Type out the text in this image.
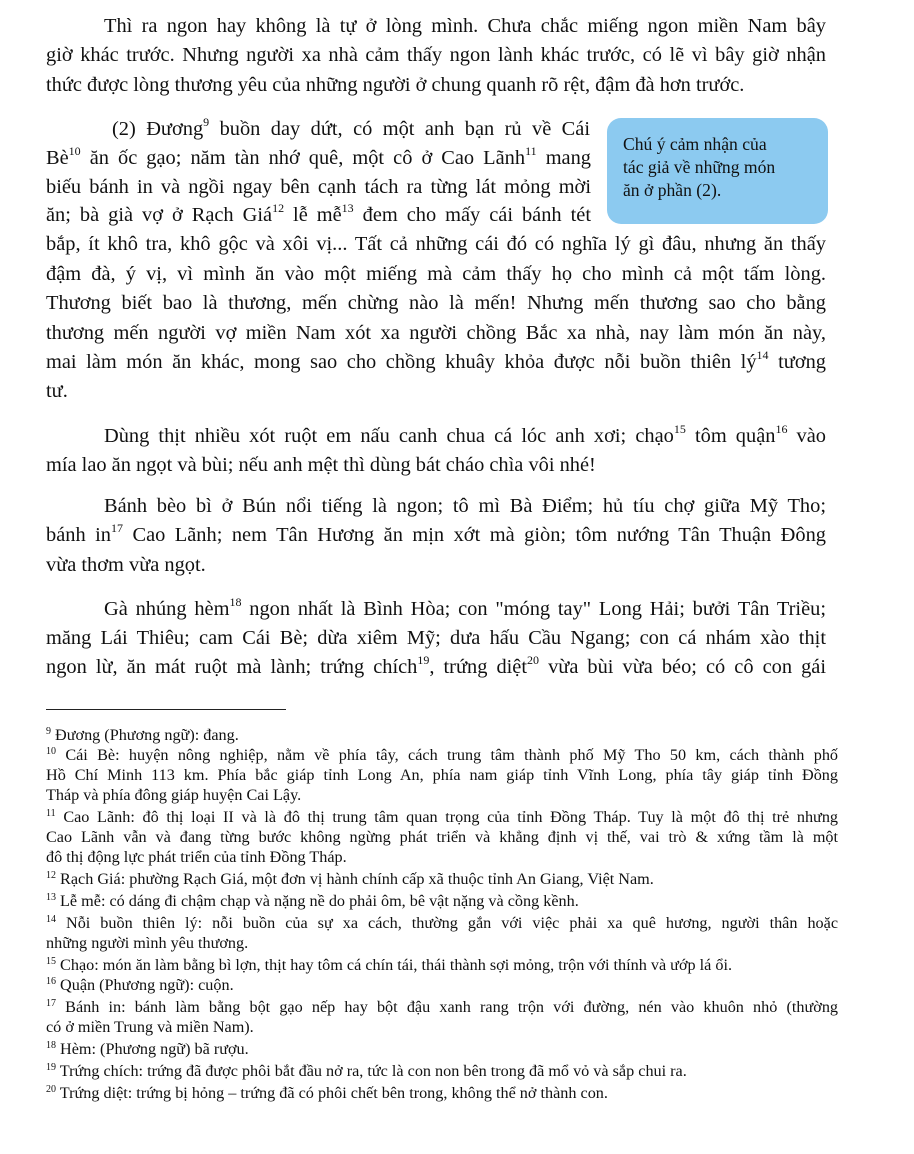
Thì ra ngon hay không là tự ở lòng mình. Chưa chắc miếng ngon miền Nam bây
giờ khác trước. Nhưng người xa nhà cảm thấy ngon lành khác trước, có lẽ vì bây giờ nhận
thức được lòng thương yêu của những người ở chung quanh rõ rệt, đậm đà hơn trước.
(2) Đương$^9$ buồn day dứt, có một anh bạn rủ về Cái
$Bè^{10}$ ăn ốc gạo; năm tàn nhớ quê, một cô ở Cao Lãnh$^{11}$ mang
biếu bánh in và ngồi ngay bên cạnh tách ra từng lát mỏng mời
ăn; bà già vợ ở Rạch Giá$^{12}$ lễ mễ$^{13}$ đem cho mấy cái bánh tét
bắp, ít khô tra, khô gộc và xôi vị... Tất cả những cái đó có nghĩa lý gì đâu, nhưng ăn thấy
đậm đà, ý vị, vì mình ăn vào một miếng mà cảm thấy họ cho mình cả một tấm lòng.
Thương biết bao là thương, mến chừng nào là mến! Nhưng mến thương sao cho bằng
thương mến người vợ miền Nam xót xa người chồng Bắc xa nhà, nay làm món ăn này,
mai làm món ăn khác, mong sao cho chồng khuây khỏa được nỗi buồn thiên $lý^{14}$ tương
tư.
Chú ý cảm nhận của
tác giả về những món
ăn ở phần (2).
Dùng thịt nhiều xót ruột em nấu canh chua cá lóc anh xơi; chạo$^{15}$ tôm quận$^{16}$ vào
mía lao ăn ngọt và bùi; nếu anh mệt thì dùng bát cháo chìa vôi nhé!
Bánh bèo bì ở Bún nổi tiếng là ngon; tô mì Bà Điểm; hủ tíu chợ giữa Mỹ Tho;
bánh $in^{17}$ Cao Lãnh; nem Tân Hương ăn mịn xớt mà giòn; tôm nướng Tân Thuận Đông
vừa thơm vừa ngọt.
Gà nhúng hèm$^{18}$ ngon nhất là Bình Hòa; con "móng tay" Long Hải; bưởi Tân Triều;
măng Lái Thiêu; cam Cái Bè; dừa xiêm Mỹ; dưa hấu Cầu Ngang; con cá nhám xào thịt
ngon lừ, ăn mát ruột mà lành; trứng chích$^{19}$, trứng diệt$^{20}$ vừa bùi vừa béo; có cô con gái
$^9$ Đương (Phương ngữ): đang.
$^{10}$ Cái Bè: huyện nông nghiệp, nằm về phía tây, cách trung tâm thành phố Mỹ Tho 50 km, cách thành phố
Hồ Chí Minh 113 km. Phía bắc giáp tỉnh Long An, phía nam giáp tỉnh Vĩnh Long, phía tây giáp tỉnh Đồng
Tháp và phía đông giáp huyện Cai Lậy.
$^{11}$ Cao Lãnh: đô thị loại II và là đô thị trung tâm quan trọng của tỉnh Đồng Tháp. Tuy là một đô thị trẻ nhưng
Cao Lãnh vẫn và đang từng bước không ngừng phát triển và khẳng định vị thế, vai trò & xứng tầm là một
đô thị động lực phát triển của tỉnh Đồng Tháp.
$^{12}$ Rạch Giá: phường Rạch Giá, một đơn vị hành chính cấp xã thuộc tỉnh An Giang, Việt Nam.
$^{13}$ Lễ mễ: có dáng đi chậm chạp và nặng nề do phải ôm, bê vật nặng và cồng kềnh.
$^{14}$ Nỗi buồn thiên lý: nỗi buồn của sự xa cách, thường gắn với việc phải xa quê hương, người thân hoặc
những người mình yêu thương.
$^{15}$ Chạo: món ăn làm bằng bì lợn, thịt hay tôm cá chín tái, thái thành sợi mỏng, trộn với thính và ướp lá ổi.
$^{16}$ Quận (Phương ngữ): cuộn.
$^{17}$ Bánh in: bánh làm bằng bột gạo nếp hay bột đậu xanh rang trộn với đường, nén vào khuôn nhỏ (thường
có ở miền Trung và miền Nam).
$^{18}$ Hèm: (Phương ngữ) bã rượu.
$^{19}$ Trứng chích: trứng đã được phôi bắt đầu nở ra, tức là con non bên trong đã mổ vỏ và sắp chui ra.
$^{20}$ Trứng diệt: trứng bị hỏng – trứng đã có phôi chết bên trong, không thể nở thành con.
